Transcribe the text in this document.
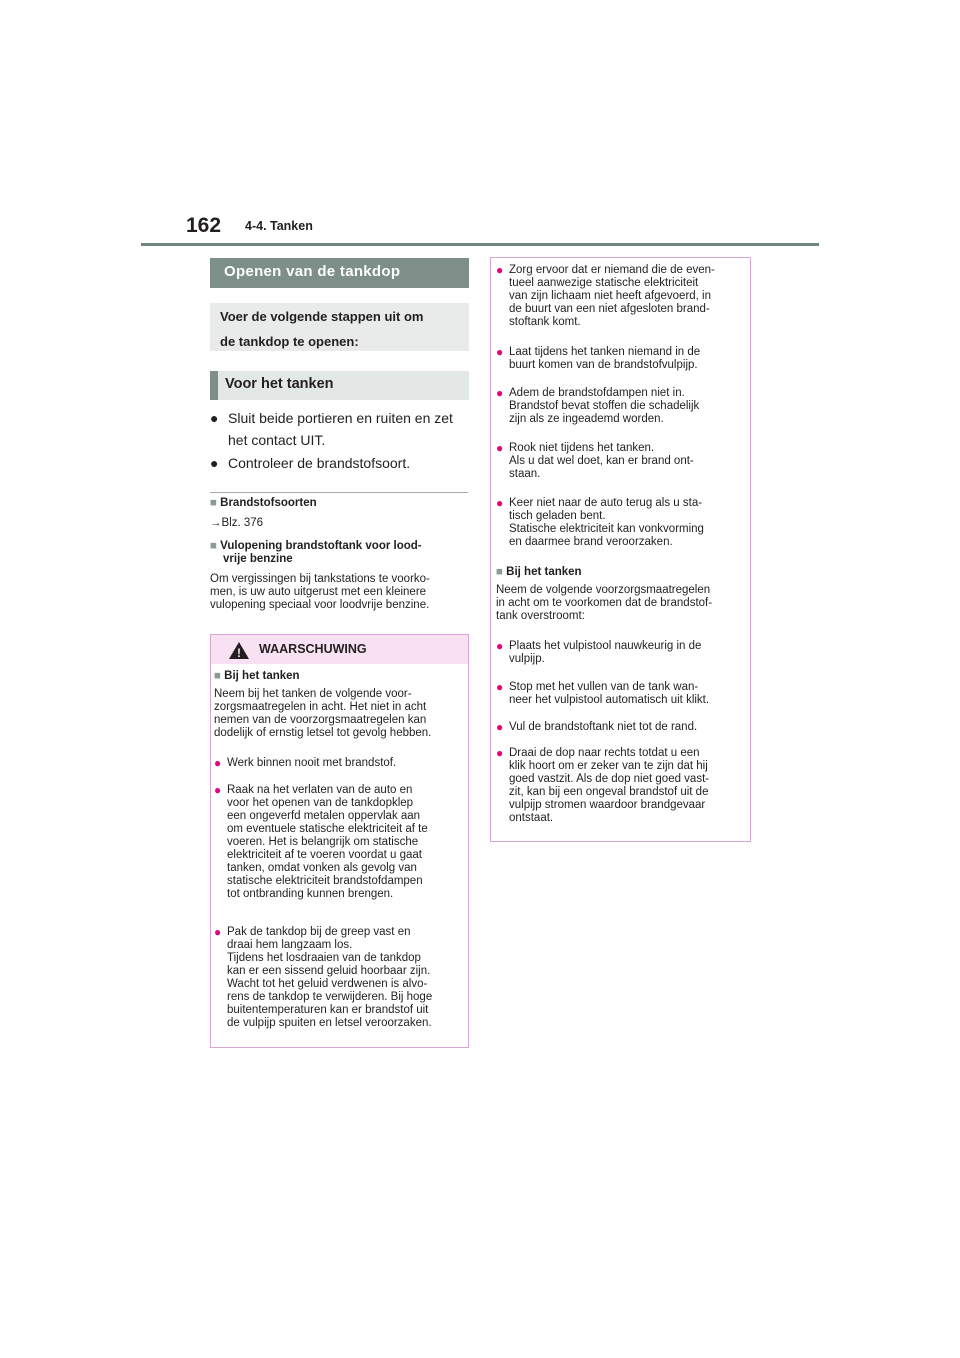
162 4-4. Tanken
Openen van de tankdop
Voer de volgende stappen uit om
de tankdop te openen:
Voor het tanken
● Sluit beide portieren en ruiten en zet
het contact UIT.
● Controleer de brandstofsoort.
■ Brandstofsoorten
→Blz. 376
■ Vulopening brandstoftank voor lood-
vrije benzine
Om vergissingen bij tankstations te voorko-
men, is uw auto uitgerust met een kleinere
vulopening speciaal voor loodvrije benzine.
! WAARSCHUWING
■ Bij het tanken
Neem bij het tanken de volgende voor-
zorgsmaatregelen in acht. Het niet in acht
nemen van de voorzorgsmaatregelen kan
dodelijk of ernstig letsel tot gevolg hebben.
● Werk binnen nooit met brandstof.
● Raak na het verlaten van de auto en
voor het openen van de tankdopklep
een ongeverfd metalen oppervlak aan
om eventuele statische elektriciteit af te
voeren. Het is belangrijk om statische
elektriciteit af te voeren voordat u gaat
tanken, omdat vonken als gevolg van
statische elektriciteit brandstofdampen
tot ontbranding kunnen brengen.
● Pak de tankdop bij de greep vast en
draai hem langzaam los.
Tijdens het losdraaien van de tankdop
kan er een sissend geluid hoorbaar zijn.
Wacht tot het geluid verdwenen is alvo-
rens de tankdop te verwijderen. Bij hoge
buitentemperaturen kan er brandstof uit
de vulpijp spuiten en letsel veroorzaken.
● Zorg ervoor dat er niemand die de even-
tueel aanwezige statische elektriciteit
van zijn lichaam niet heeft afgevoerd, in
de buurt van een niet afgesloten brand-
stoftank komt.
● Laat tijdens het tanken niemand in de
buurt komen van de brandstofvulpijp.
● Adem de brandstofdampen niet in.
Brandstof bevat stoffen die schadelijk
zijn als ze ingeademd worden.
● Rook niet tijdens het tanken.
Als u dat wel doet, kan er brand ont-
staan.
● Keer niet naar de auto terug als u sta-
tisch geladen bent.
Statische elektriciteit kan vonkvorming
en daarmee brand veroorzaken.
■ Bij het tanken
Neem de volgende voorzorgsmaatregelen
in acht om te voorkomen dat de brandstof-
tank overstroomt:
● Plaats het vulpistool nauwkeurig in de
vulpijp.
● Stop met het vullen van de tank wan-
neer het vulpistool automatisch uit klikt.
● Vul de brandstoftank niet tot de rand.
● Draai de dop naar rechts totdat u een
klik hoort om er zeker van te zijn dat hij
goed vastzit. Als de dop niet goed vast-
zit, kan bij een ongeval brandstof uit de
vulpijp stromen waardoor brandgevaar
ontstaat.
